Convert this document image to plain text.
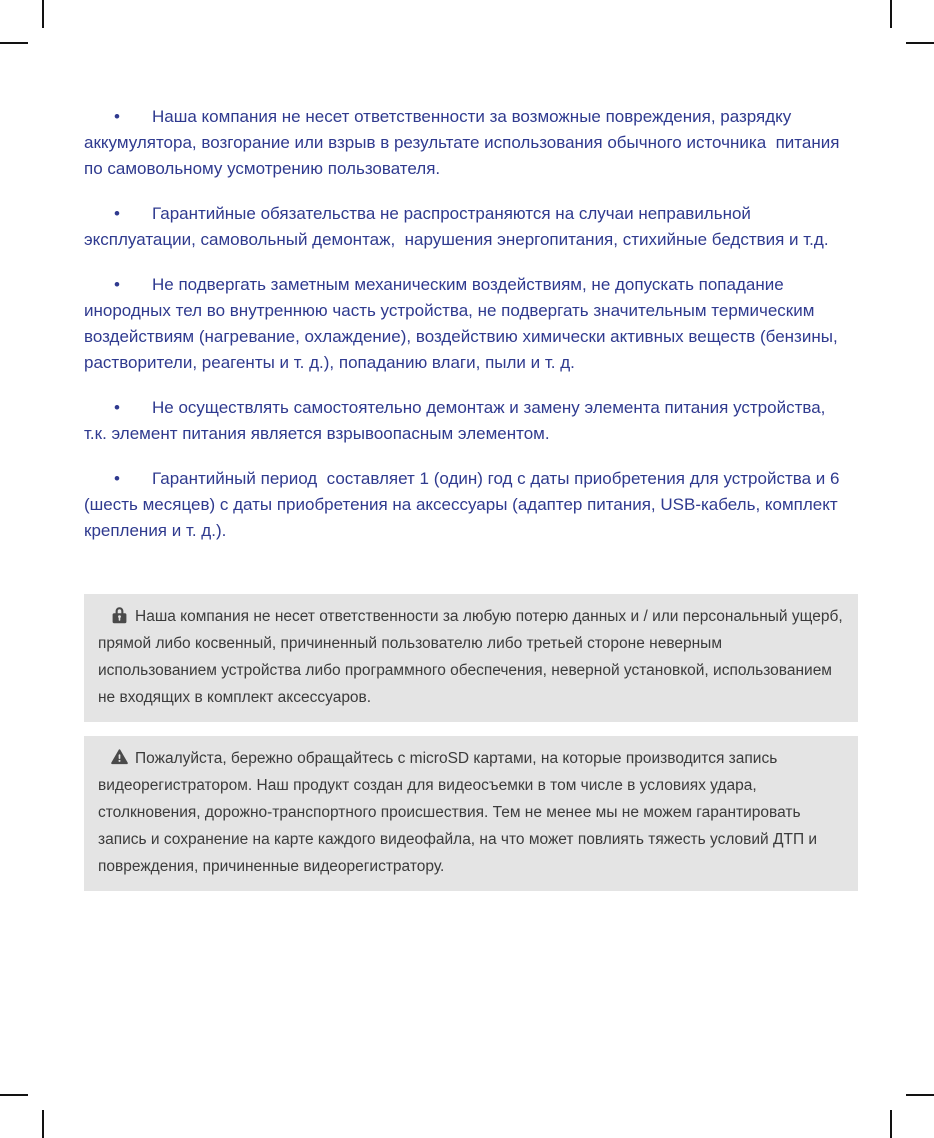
• Наша компания не несет ответственности за возможные повреждения, разрядку аккумулятора, возгорание или взрыв в результате использования обычного источника  питания по самовольному усмотрению пользователя.

• Гарантийные обязательства не распространяются на случаи неправильной эксплуатации, самовольный демонтаж,  нарушения энергопитания, стихийные бедствия и т.д.

• Не подвергать заметным механическим воздействиям, не допускать попадание инородных тел во внутреннюю часть устройства, не подвергать значительным термическим воздействиям (нагревание, охлаждение), воздействию химически активных веществ (бензины, растворители, реагенты и т. д.), попаданию влаги, пыли и т. д.

• Не осуществлять самостоятельно демонтаж и замену элемента питания устройства, т.к. элемент питания является взрывоопасным элементом.

• Гарантийный период  составляет 1 (один) год с даты приобретения для устройства и 6 (шесть месяцев) с даты приобретения на аксессуары (адаптер питания, USB-кабель, комплект крепления и т. д.).

Наша компания не несет ответственности за любую потерю данных и / или персональный ущерб, прямой либо косвенный, причиненный пользователю либо третьей стороне неверным использованием устройства либо программного обеспечения, неверной установкой, использованием не входящих в комплект аксессуаров.

Пожалуйста, бережно обращайтесь с microSD картами, на которые производится запись видеорегистратором. Наш продукт создан для видеосъемки в том числе в условиях удара, столкновения, дорожно-транспортного происшествия. Тем не менее мы не можем гарантировать запись и сохранение на карте каждого видеофайла, на что может повлиять тяжесть условий ДТП и повреждения, причиненные видеорегистратору.
